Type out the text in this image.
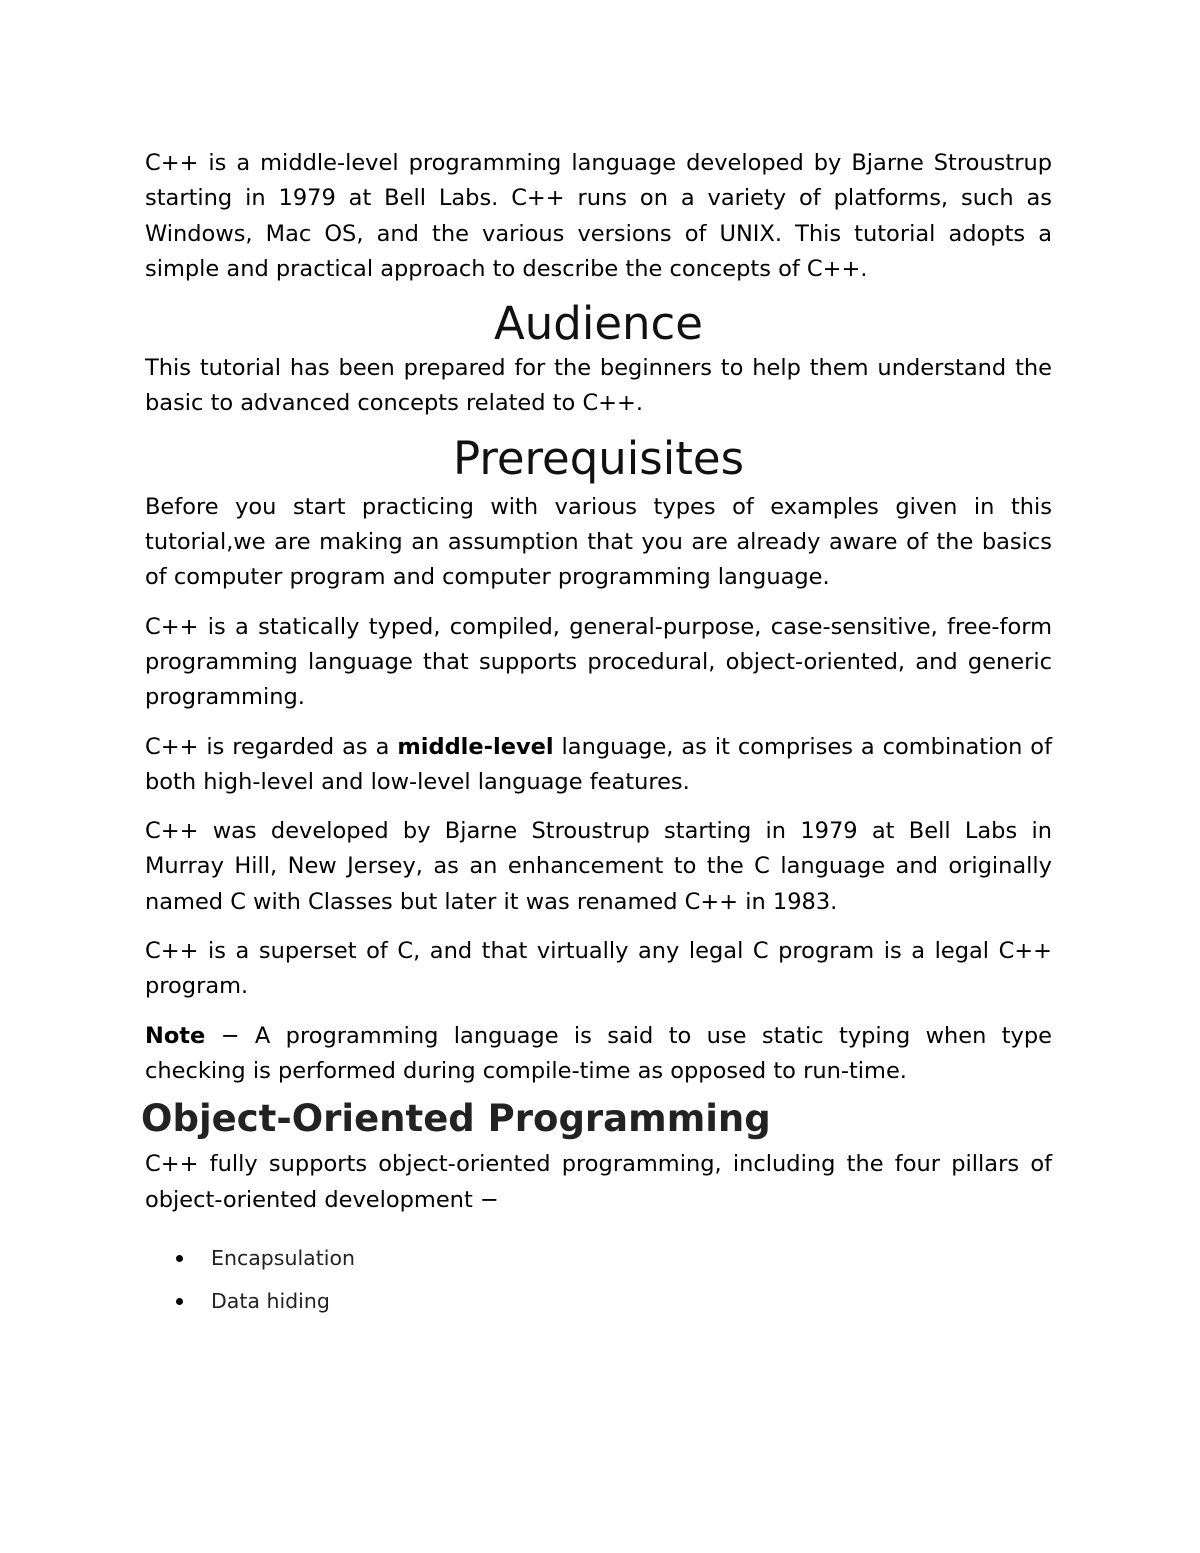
C++ is a middle-level programming language developed by Bjarne Stroustrup starting in 1979 at Bell Labs. C++ runs on a variety of platforms, such as Windows, Mac OS, and the various versions of UNIX. This tutorial adopts a simple and practical approach to describe the concepts of C++.

Audience

This tutorial has been prepared for the beginners to help them understand the basic to advanced concepts related to C++.

Prerequisites

Before you start practicing with various types of examples given in this tutorial,we are making an assumption that you are already aware of the basics of computer program and computer programming language.

C++ is a statically typed, compiled, general-purpose, case-sensitive, free-form programming language that supports procedural, object-oriented, and generic programming.

C++ is regarded as a middle-level language, as it comprises a combination of both high-level and low-level language features.

C++ was developed by Bjarne Stroustrup starting in 1979 at Bell Labs in Murray Hill, New Jersey, as an enhancement to the C language and originally named C with Classes but later it was renamed C++ in 1983.

C++ is a superset of C, and that virtually any legal C program is a legal C++ program.

Note − A programming language is said to use static typing when type checking is performed during compile-time as opposed to run-time.

Object-Oriented Programming

C++ fully supports object-oriented programming, including the four pillars of object-oriented development −

Encapsulation
Data hiding
